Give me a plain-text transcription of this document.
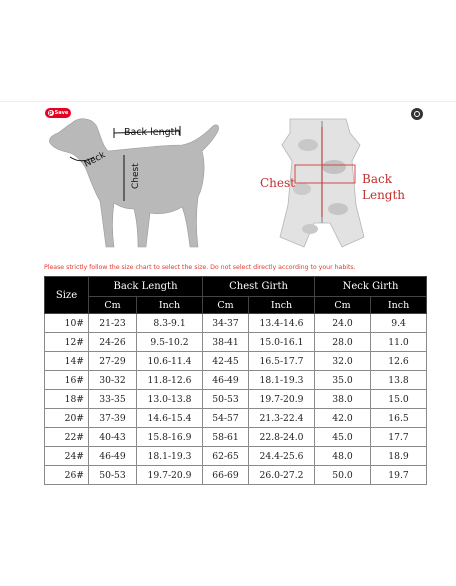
p Save
Back length
Neck
Chest	Chest	Back
Length
Please strictly follow the size chart to select the size. Do not select directly according to your habits.
Size	Back Length		Chest Girth		Neck Girth	
	Cm	Inch	Cm	Inch	Cm	Inch
10#	21-23	8.3-9.1	34-37	13.4-14.6	24.0	9.4
12#	24-26	9.5-10.2	38-41	15.0-16.1	28.0	11.0
14#	27-29	10.6-11.4	42-45	16.5-17.7	32.0	12.6
16#	30-32	11.8-12.6	46-49	18.1-19.3	35.0	13.8
18#	33-35	13.0-13.8	50-53	19.7-20.9	38.0	15.0
20#	37-39	14.6-15.4	54-57	21.3-22.4	42.0	16.5
22#	40-43	15.8-16.9	58-61	22.8-24.0	45.0	17.7
24#	46-49	18.1-19.3	62-65	24.4-25.6	48.0	18.9
26#	50-53	19.7-20.9	66-69	26.0-27.2	50.0	19.7
